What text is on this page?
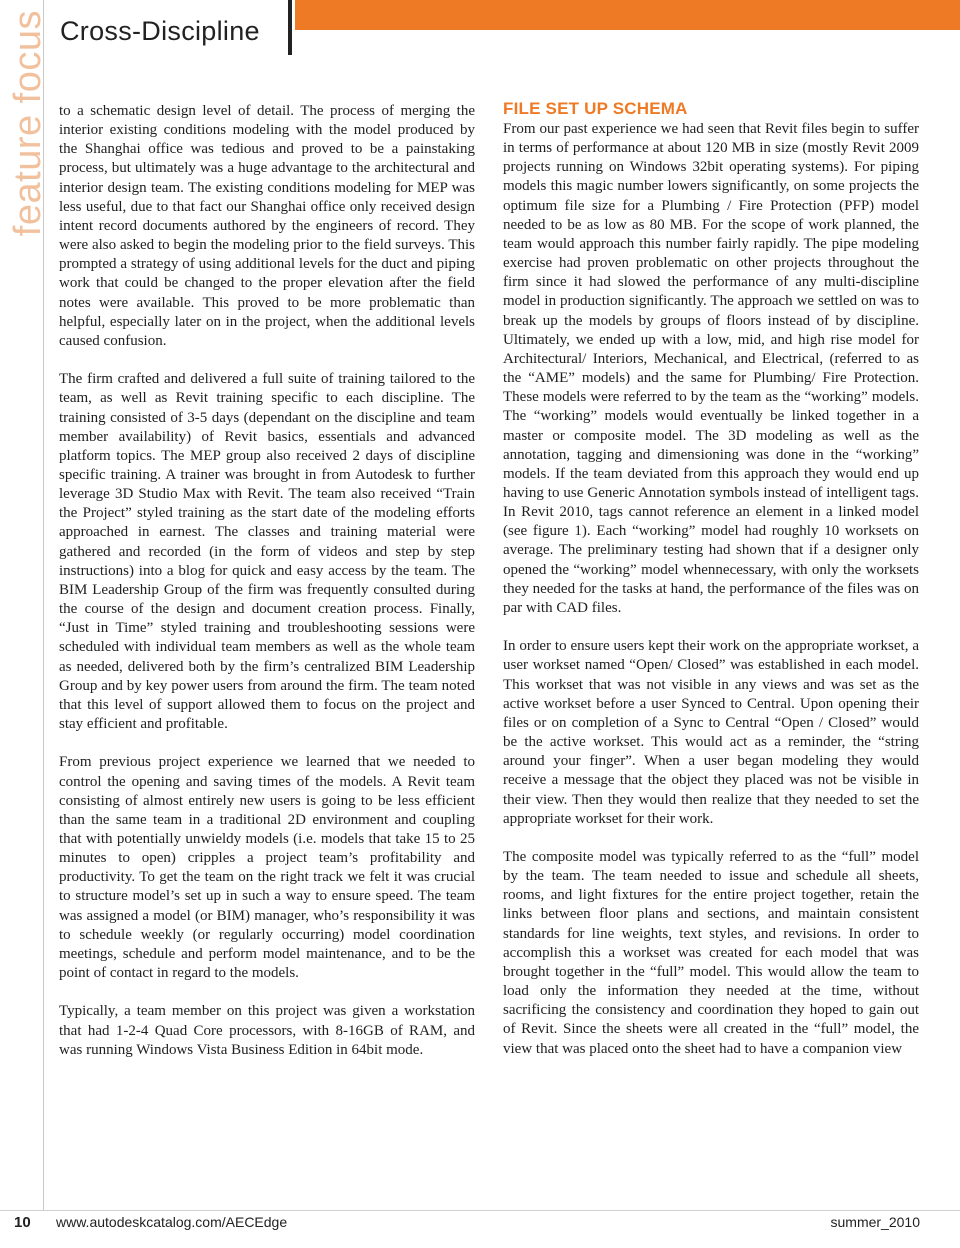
feature focus Cross-Discipline

to a schematic design level of detail. The process of merging the interior existing conditions modeling with the model produced by the Shanghai office was tedious and proved to be a painstaking process, but ultimately was a huge advantage to the architectural and interior design team. The existing conditions modeling for MEP was less useful, due to that fact our Shanghai office only received design intent record documents authored by the engineers of record. They were also asked to begin the modeling prior to the field surveys. This prompted a strategy of using additional levels for the duct and piping work that could be changed to the proper elevation after the field notes were available. This proved to be more problematic than helpful, especially later on in the project, when the additional levels caused confusion.

The firm crafted and delivered a full suite of training tailored to the team, as well as Revit training specific to each discipline. The training consisted of 3-5 days (dependant on the discipline and team member availability) of Revit basics, essentials and advanced platform topics. The MEP group also received 2 days of discipline specific training. A trainer was brought in from Autodesk to further leverage 3D Studio Max with Revit. The team also received “Train the Project” styled training as the start date of the modeling efforts approached in earnest. The classes and training material were gathered and recorded (in the form of videos and step by step instructions) into a blog for quick and easy access by the team. The BIM Leadership Group of the firm was frequently consulted during the course of the design and document creation process. Finally, “Just in Time” styled training and troubleshooting sessions were scheduled with individual team members as well as the whole team as needed, delivered both by the firm’s centralized BIM Leadership Group and by key power users from around the firm. The team noted that this level of support allowed them to focus on the project and stay efficient and profitable.

From previous project experience we learned that we needed to control the opening and saving times of the models. A Revit team consisting of almost entirely new users is going to be less efficient than the same team in a traditional 2D environment and coupling that with potentially unwieldy models (i.e. models that take 15 to 25 minutes to open) cripples a project team’s profitability and productivity. To get the team on the right track we felt it was crucial to structure model’s set up in such a way to ensure speed. The team was assigned a model (or BIM) manager, who’s responsibility it was to schedule weekly (or regularly occurring) model coordination meetings, schedule and perform model maintenance, and to be the point of contact in regard to the models.

Typically, a team member on this project was given a workstation that had 1-2-4 Quad Core processors, with 8-16GB of RAM, and was running Windows Vista Business Edition in 64bit mode.

FILE SET UP SCHEMA

From our past experience we had seen that Revit files begin to suffer in terms of performance at about 120 MB in size (mostly Revit 2009 projects running on Windows 32bit operating systems). For piping models this magic number lowers significantly, on some projects the optimum file size for a Plumbing / Fire Protection (PFP) model needed to be as low as 80 MB. For the scope of work planned, the team would approach this number fairly rapidly. The pipe modeling exercise had proven problematic on other projects throughout the firm since it had slowed the performance of any multi-discipline model in production significantly. The approach we settled on was to break up the models by groups of floors instead of by discipline. Ultimately, we ended up with a low, mid, and high rise model for Architectural/ Interiors, Mechanical, and Electrical, (referred to as the “AME” models) and the same for Plumbing/ Fire Protection. These models were referred to by the team as the “working” models. The “working” models would eventually be linked together in a master or composite model. The 3D modeling as well as the annotation, tagging and dimensioning was done in the “working” models. If the team deviated from this approach they would end up having to use Generic Annotation symbols instead of intelligent tags. In Revit 2010, tags cannot reference an element in a linked model (see figure 1). Each “working” model had roughly 10 worksets on average. The preliminary testing had shown that if a designer only opened the “working” model whennecessary, with only the worksets they needed for the tasks at hand, the performance of the files was on par with CAD files.

In order to ensure users kept their work on the appropriate workset, a user workset named “Open/ Closed” was established in each model. This workset that was not visible in any views and was set as the active workset before a user Synced to Central. Upon opening their files or on completion of a Sync to Central “Open / Closed” would be the active workset. This would act as a reminder, the “string around your finger”. When a user began modeling they would receive a message that the object they placed was not be visible in their view. Then they would then realize that they needed to set the appropriate workset for their work.

The composite model was typically referred to as the “full” model by the team. The team needed to issue and schedule all sheets, rooms, and light fixtures for the entire project together, retain the links between floor plans and sections, and maintain consistent standards for line weights, text styles, and revisions. In order to accomplish this a workset was created for each model that was brought together in the “full” model. This would allow the team to load only the information they needed at the time, without sacrificing the consistency and coordination they hoped to gain out of Revit. Since the sheets were all created in the “full” model, the view that was placed onto the sheet had to have a companion view

10 www.autodeskcatalog.com/AECEdge	summer_2010
